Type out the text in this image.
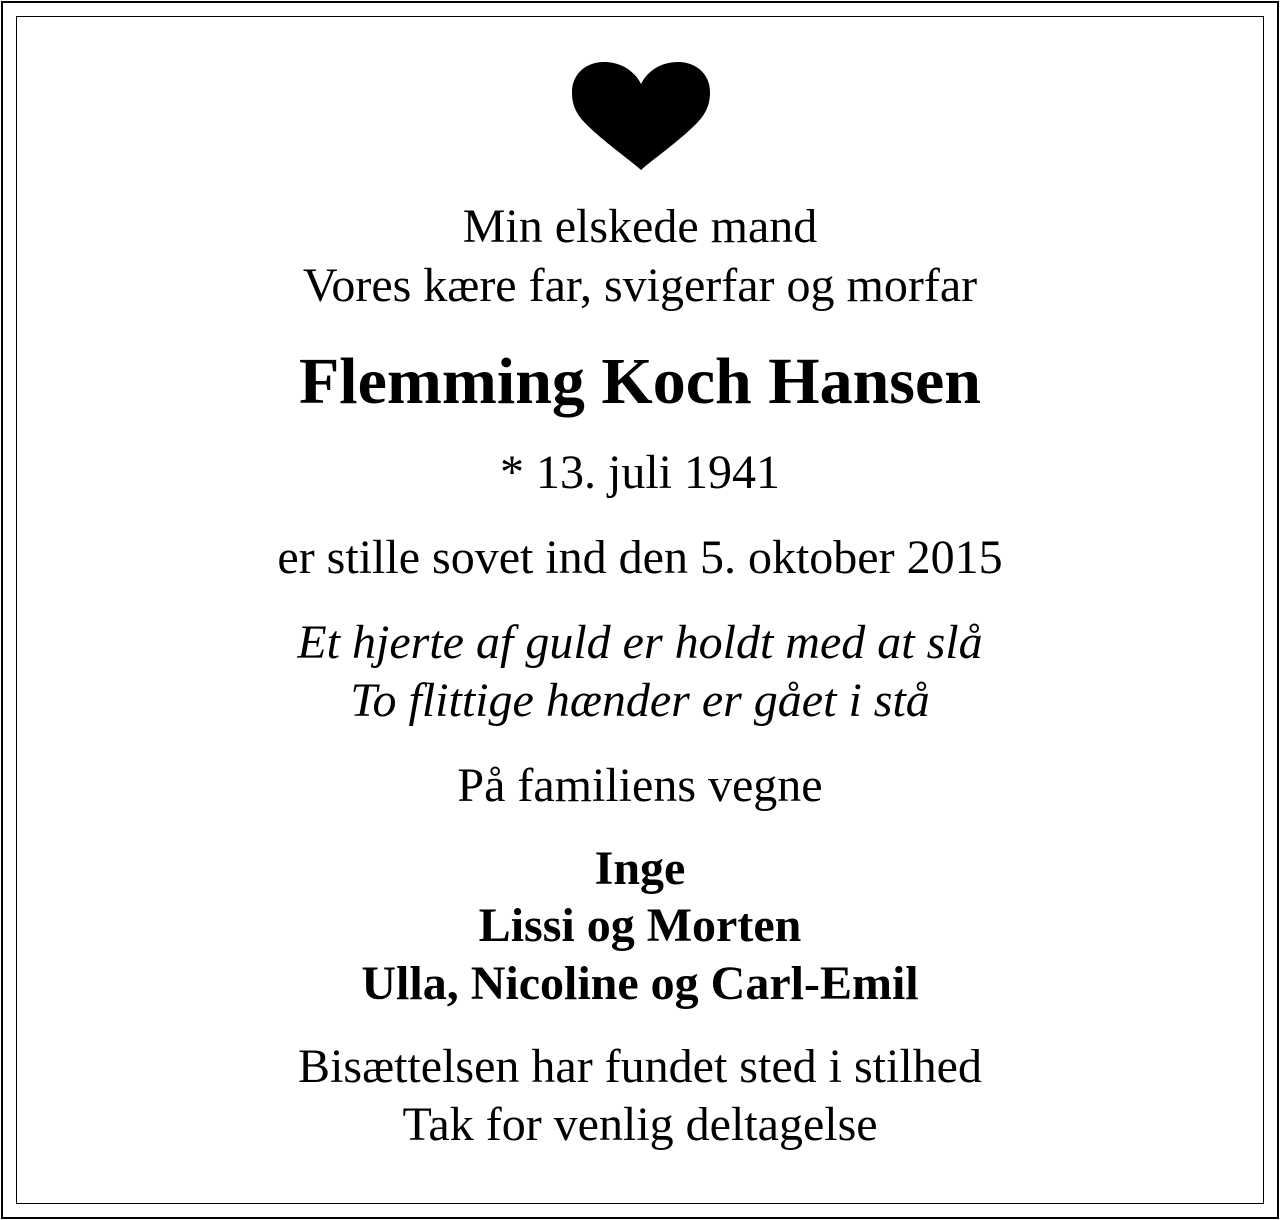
Min elskede mand
Vores kære far, svigerfar og morfar
Flemming Koch Hansen
* 13. juli 1941
er stille sovet ind den 5. oktober 2015
Et hjerte af guld er holdt med at slå
To flittige hænder er gået i stå
På familiens vegne
Inge
Lissi og Morten
Ulla, Nicoline og Carl-Emil
Bisættelsen har fundet sted i stilhed
Tak for venlig deltagelse
